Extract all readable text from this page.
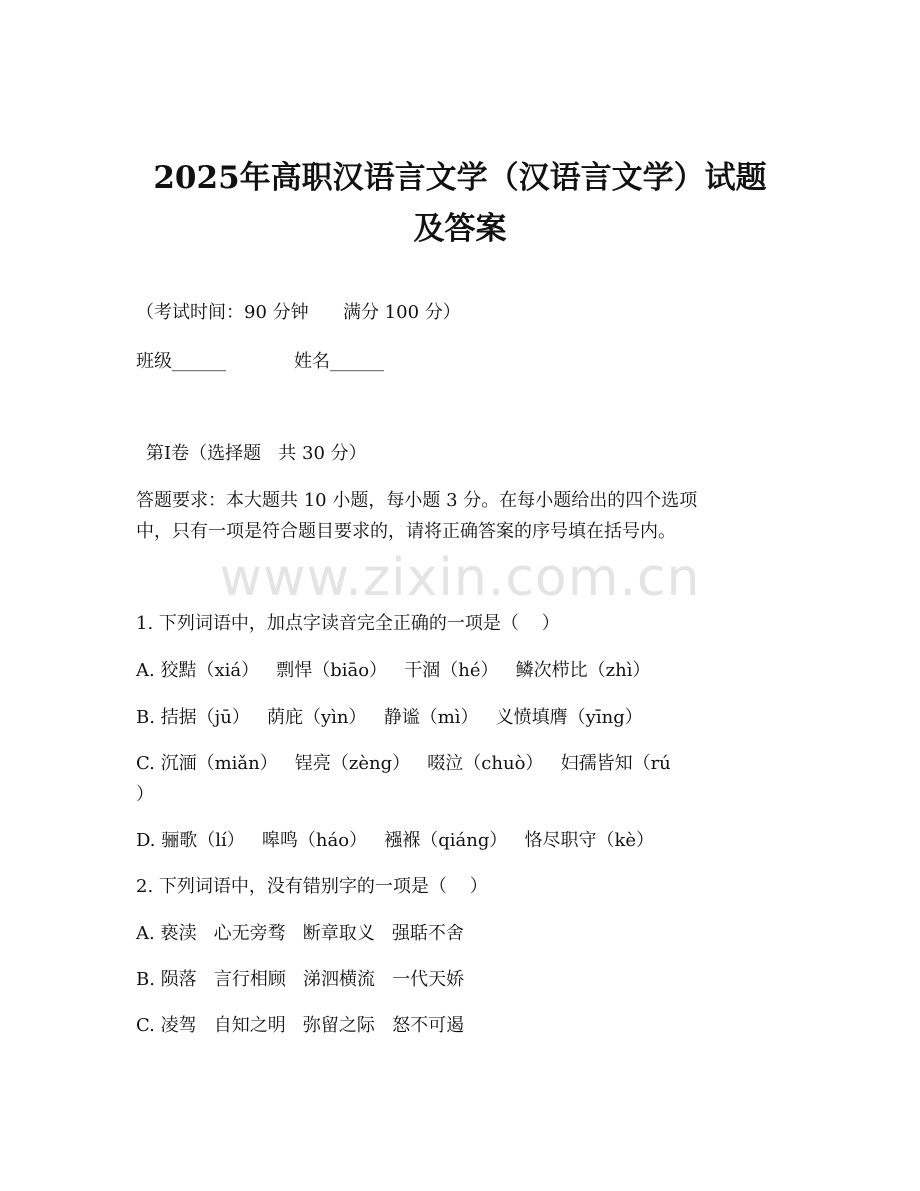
2025年高职汉语言文学（汉语言文学）试题
及答案
（考试时间：90 分钟      满分 100 分）
班级______	姓名______
第Ⅰ卷（选择题   共 30 分）
答题要求：本大题共 10 小题，每小题 3 分。在每小题给出的四个选项
中，只有一项是符合题目要求的，请将正确答案的序号填在括号内。
www.zixin.com.cn
1. 下列词语中，加点字读音完全正确的一项是（    ）
A. 狡黠（xiá）   剽悍（biāo）   干涸（hé）   鳞次栉比（zhì）
B. 拮据（jū）   荫庇（yìn）   静谧（mì）   义愤填膺（yīng）
C. 沉湎（miǎn）   锃亮（zèng）   啜泣（chuò）   妇孺皆知（rú
）
D. 骊歌（lí）   嗥鸣（háo）   襁褓（qiáng）   恪尽职守（kè）
2. 下列词语中，没有错别字的一项是（    ）
A. 亵渎   心无旁骛   断章取义   强聒不舍
B. 陨落   言行相顾   涕泗横流   一代天娇
C. 凌驾   自知之明   弥留之际   怒不可遏
